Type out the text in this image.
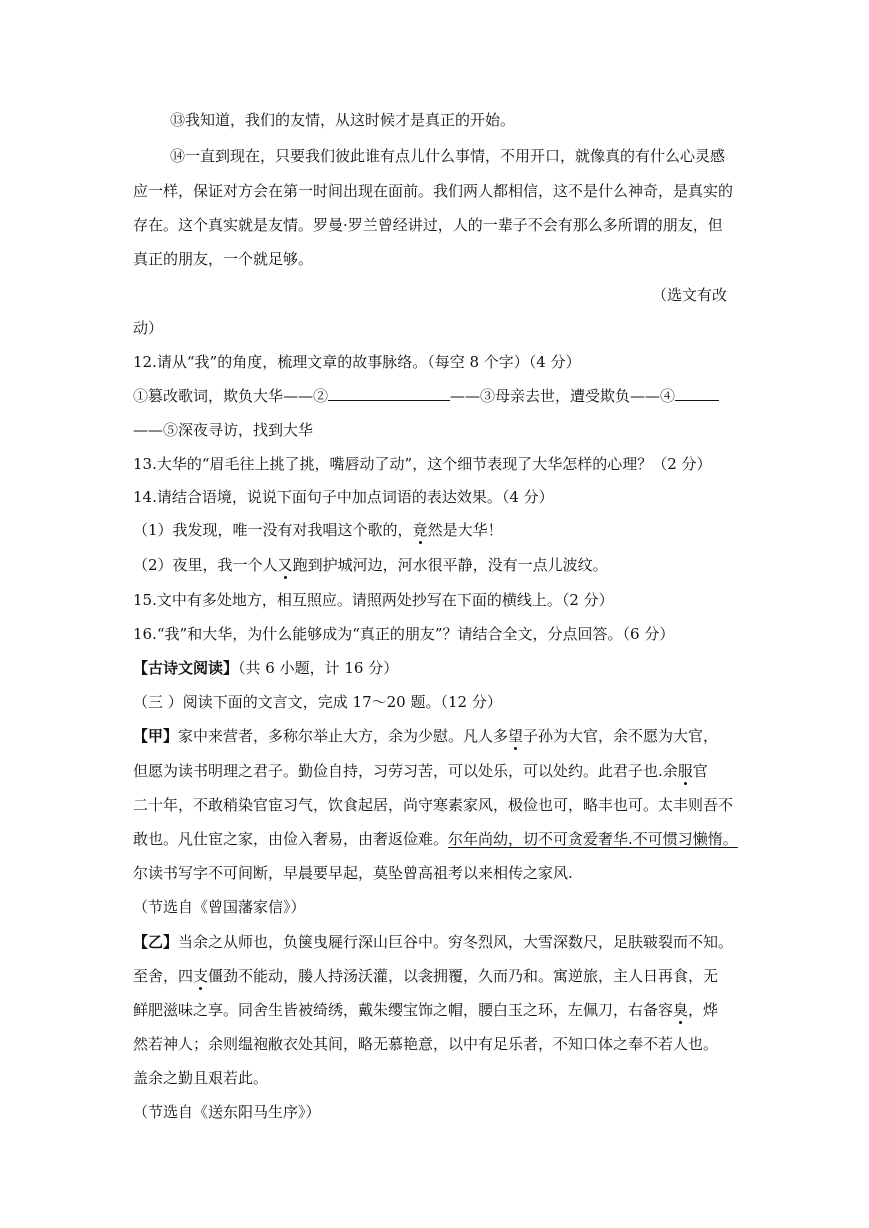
⑬我知道，我们的友情，从这时候才是真正的开始。
⑭一直到现在，只要我们彼此谁有点儿什么事情，不用开口，就像真的有什么心灵感
应一样，保证对方会在第一时间出现在面前。我们两人都相信，这不是什么神奇，是真实的
存在。这个真实就是友情。罗曼·罗兰曾经讲过，人的一辈子不会有那么多所谓的朋友，但
真正的朋友，一个就足够。
（选文有改
动）
12.请从“我”的角度，梳理文章的故事脉络。（每空 8 个字）（4 分）
①篡改歌词，欺负大华——②	——③母亲去世，遭受欺负——④
——⑤深夜寻访，找到大华
13.大华的“眉毛往上挑了挑，嘴唇动了动”，这个细节表现了大华怎样的心理？（2 分）
14.请结合语境，说说下面句子中加点词语的表达效果。（4 分）
（1）我发现，唯一没有对我唱这个歌的，竟然是大华！
（2）夜里，我一个人又跑到护城河边，河水很平静，没有一点儿波纹。
15.文中有多处地方，相互照应。请照两处抄写在下面的横线上。（2 分）
16.“我”和大华，为什么能够成为“真正的朋友”？请结合全文，分点回答。（6 分）
【古诗文阅读】（共 6 小题，计 16 分）
（三 ）阅读下面的文言文，完成 17～20 题。（12 分）
【甲】家中来营者，多称尔举止大方，余为少慰。凡人多望子孙为大官，余不愿为大官，
但愿为读书明理之君子。勤俭自持，习劳习苦，可以处乐，可以处约。此君子也.余服官
二十年，不敢稍染官宦习气，饮食起居，尚守寒素家风，极俭也可，略丰也可。太丰则吾不
敢也。凡仕宦之家，由俭入奢易，由奢返俭难。尔年尚幼，切不可贪爱奢华.不可惯习懒惰。
尔读书写字不可间断，早晨要早起，莫坠曾高祖考以来相传之家风.
（节选自《曾国藩家信》）
【乙】当余之从师也，负箧曳屣行深山巨谷中。穷冬烈风，大雪深数尺，足肤皲裂而不知。
至舍，四支僵劲不能动，媵人持汤沃灌，以衾拥覆，久而乃和。寓逆旅，主人日再食，无
鲜肥滋味之享。同舍生皆被绮绣，戴朱缨宝饰之帽，腰白玉之环，左佩刀，右备容臭，烨
然若神人；余则缊袍敝衣处其间，略无慕艳意，以中有足乐者，不知口体之奉不若人也。
盖余之勤且艰若此。
（节选自《送东阳马生序》）
